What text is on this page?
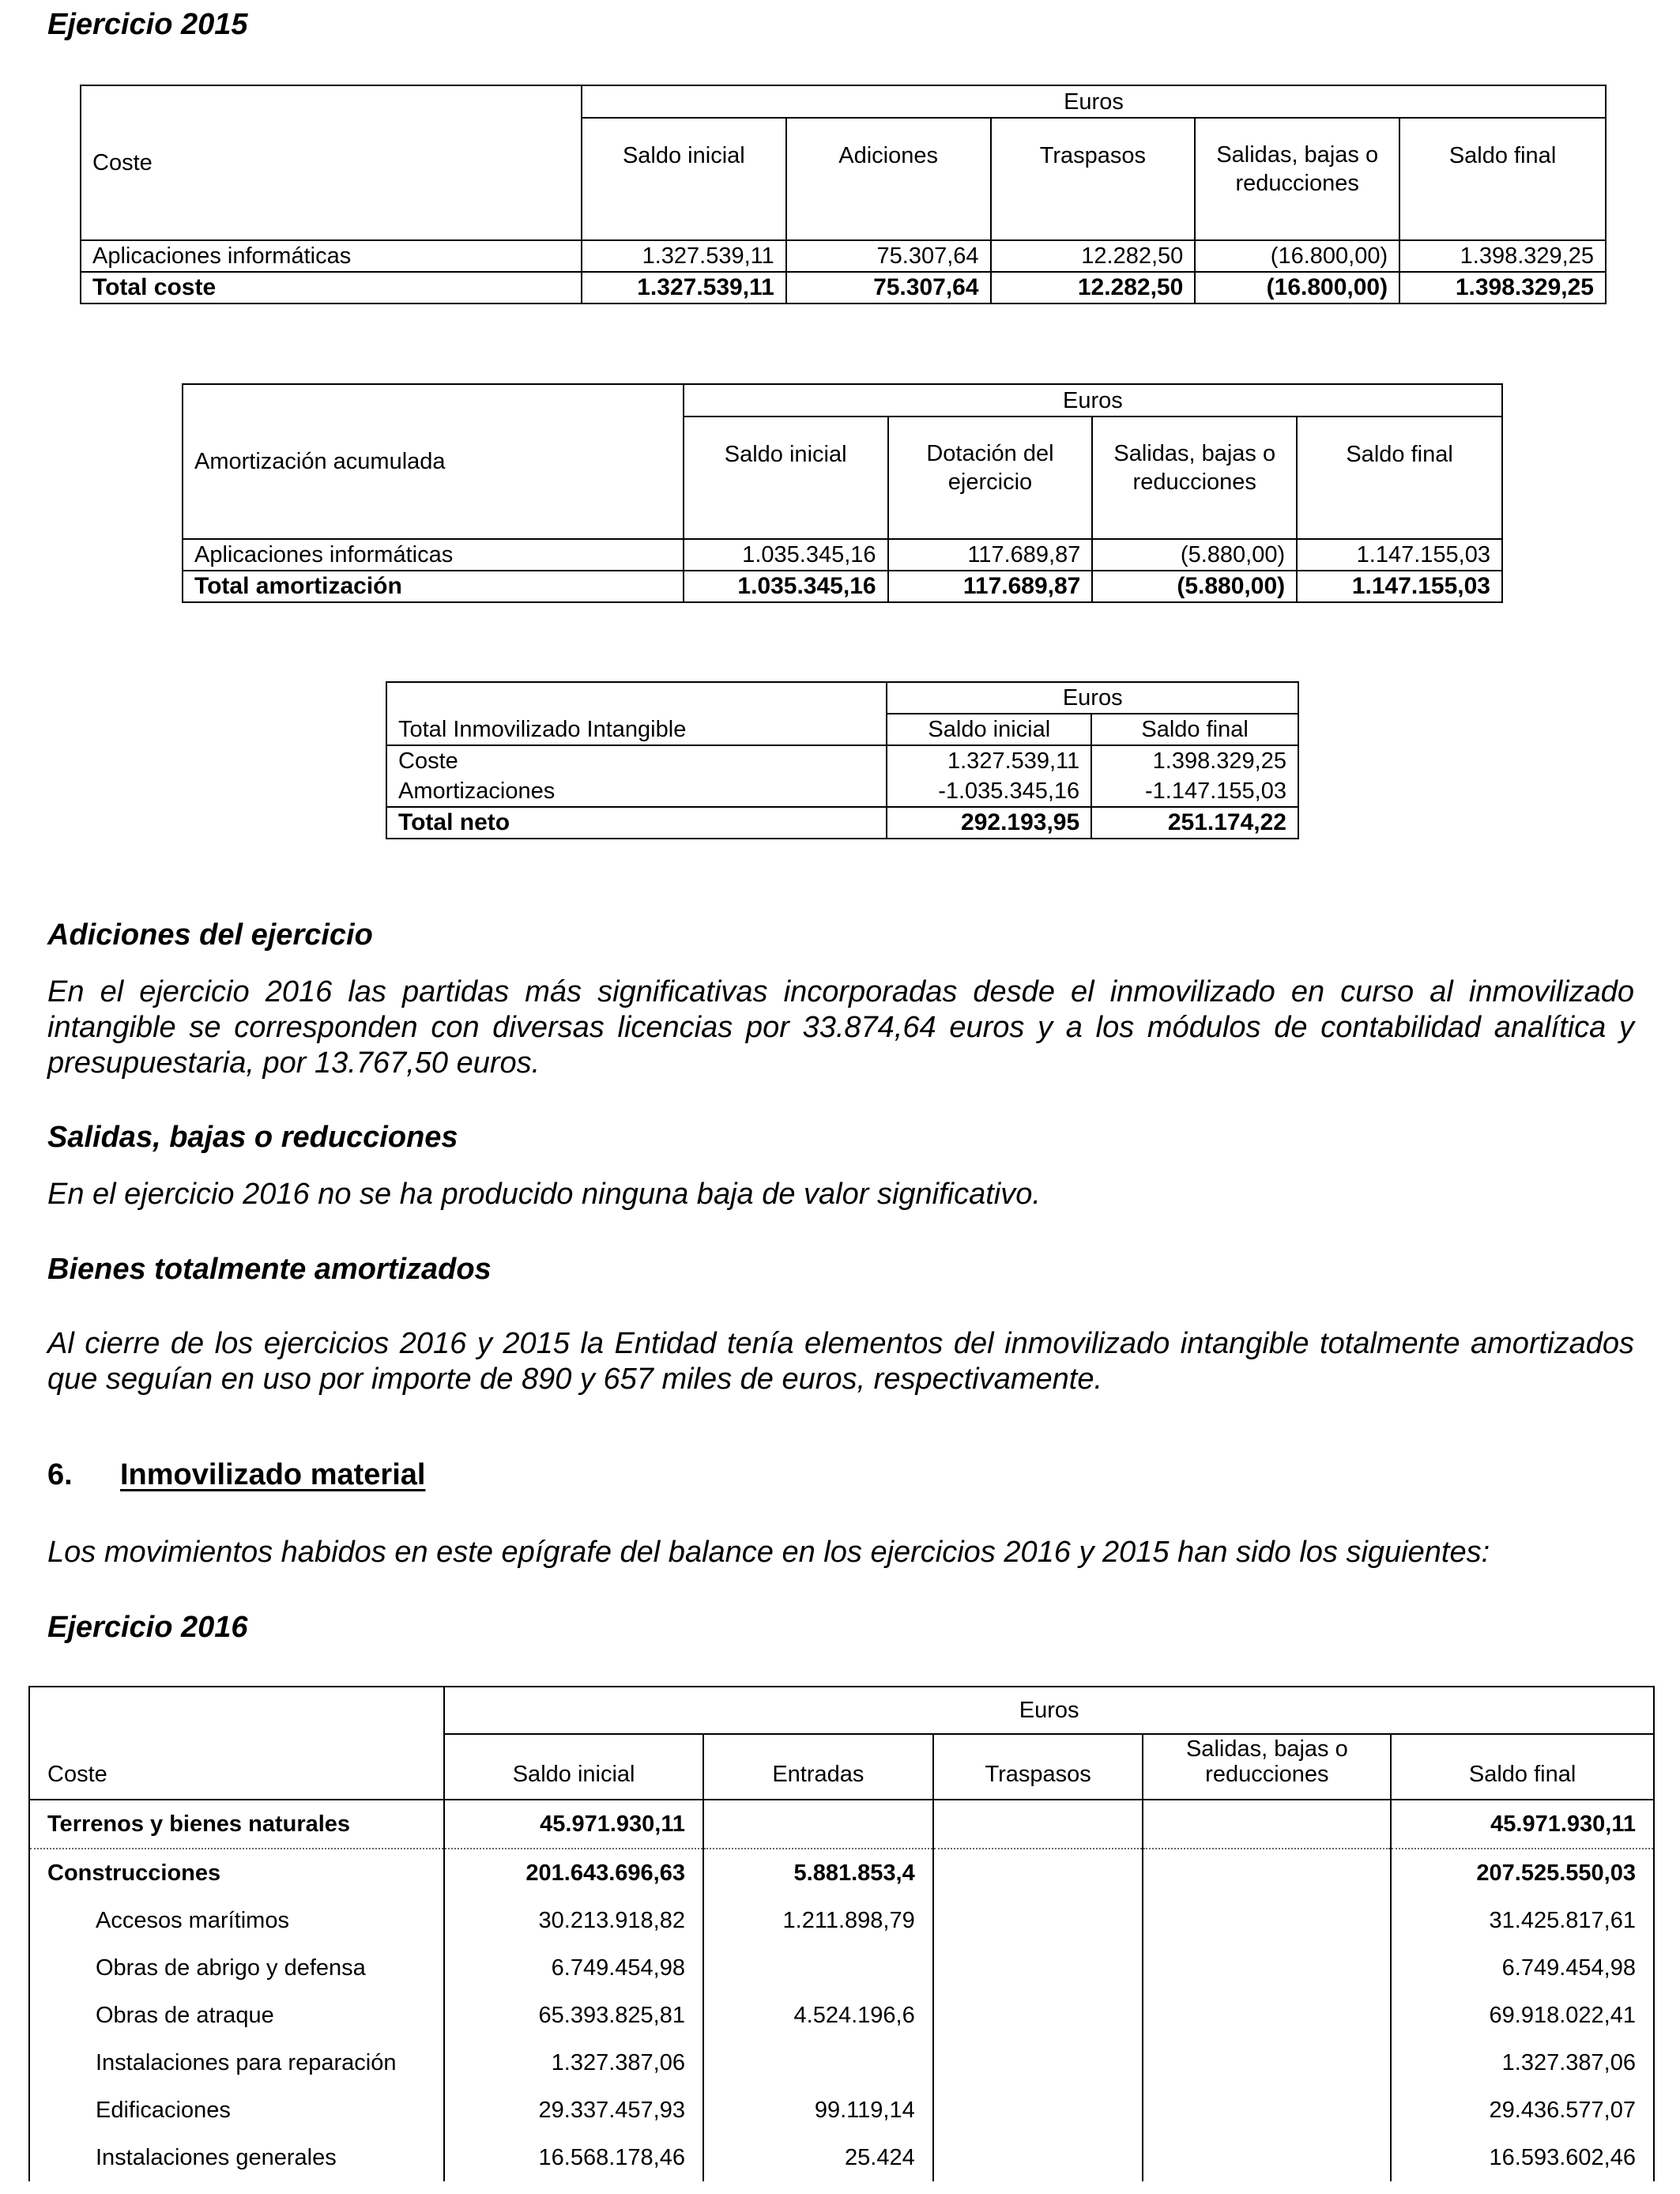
Ejercicio 2015
Coste	Euros				
	Saldo inicial	Adiciones	Traspasos	Salidas, bajas o reducciones	Saldo final
Aplicaciones informáticas	1.327.539,11	75.307,64	12.282,50	(16.800,00)	1.398.329,25
Total coste	1.327.539,11	75.307,64	12.282,50	(16.800,00)	1.398.329,25
Amortización acumulada	Euros			
	Saldo inicial	Dotación del ejercicio	Salidas, bajas o reducciones	Saldo final
Aplicaciones informáticas	1.035.345,16	117.689,87	(5.880,00)	1.147.155,03
Total amortización	1.035.345,16	117.689,87	(5.880,00)	1.147.155,03
Total Inmovilizado Intangible	Euros	
	Saldo inicial	Saldo final
Coste	1.327.539,11	1.398.329,25
Amortizaciones	-1.035.345,16	-1.147.155,03
Total neto	292.193,95	251.174,22
Adiciones del ejercicio
En el ejercicio 2016 las partidas más significativas incorporadas desde el inmovilizado en curso al inmovilizado
intangible se corresponden con diversas licencias por 33.874,64 euros y a los módulos de contabilidad analítica y
presupuestaria, por 13.767,50 euros.
Salidas, bajas o reducciones
En el ejercicio 2016 no se ha producido ninguna baja de valor significativo.
Bienes totalmente amortizados
Al cierre de los ejercicios 2016 y 2015 la Entidad tenía elementos del inmovilizado intangible totalmente amortizados
que seguían en uso por importe de 890 y 657 miles de euros, respectivamente.
6. Inmovilizado material
Los movimientos habidos en este epígrafe del balance en los ejercicios 2016 y 2015 han sido los siguientes:
Ejercicio 2016
Coste	Euros				
	Saldo inicial	Entradas	Traspasos	Salidas, bajas o reducciones	Saldo final
Terrenos y bienes naturales	45.971.930,11				45.971.930,11
Construcciones	201.643.696,63	5.881.853,4			207.525.550,03
Accesos marítimos	30.213.918,82	1.211.898,79			31.425.817,61
Obras de abrigo y defensa	6.749.454,98				6.749.454,98
Obras de atraque	65.393.825,81	4.524.196,6			69.918.022,41
Instalaciones para reparación	1.327.387,06				1.327.387,06
Edificaciones	29.337.457,93	99.119,14			29.436.577,07
Instalaciones generales	16.568.178,46	25.424			16.593.602,46
